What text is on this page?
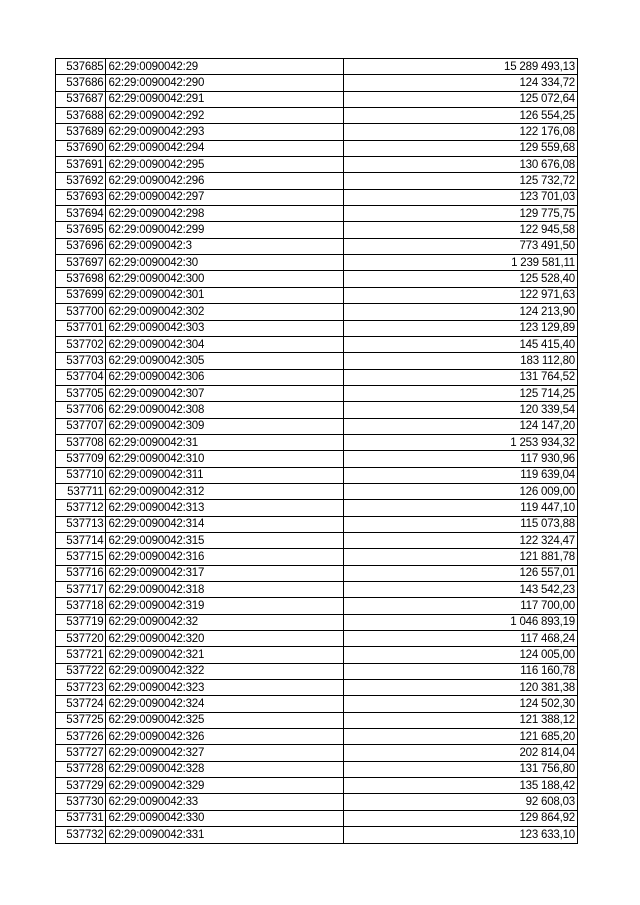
537685	62:29:0090042:29	15 289 493,13
537686	62:29:0090042:290	124 334,72
537687	62:29:0090042:291	125 072,64
537688	62:29:0090042:292	126 554,25
537689	62:29:0090042:293	122 176,08
537690	62:29:0090042:294	129 559,68
537691	62:29:0090042:295	130 676,08
537692	62:29:0090042:296	125 732,72
537693	62:29:0090042:297	123 701,03
537694	62:29:0090042:298	129 775,75
537695	62:29:0090042:299	122 945,58
537696	62:29:0090042:3	773 491,50
537697	62:29:0090042:30	1 239 581,11
537698	62:29:0090042:300	125 528,40
537699	62:29:0090042:301	122 971,63
537700	62:29:0090042:302	124 213,90
537701	62:29:0090042:303	123 129,89
537702	62:29:0090042:304	145 415,40
537703	62:29:0090042:305	183 112,80
537704	62:29:0090042:306	131 764,52
537705	62:29:0090042:307	125 714,25
537706	62:29:0090042:308	120 339,54
537707	62:29:0090042:309	124 147,20
537708	62:29:0090042:31	1 253 934,32
537709	62:29:0090042:310	117 930,96
537710	62:29:0090042:311	119 639,04
537711	62:29:0090042:312	126 009,00
537712	62:29:0090042:313	119 447,10
537713	62:29:0090042:314	115 073,88
537714	62:29:0090042:315	122 324,47
537715	62:29:0090042:316	121 881,78
537716	62:29:0090042:317	126 557,01
537717	62:29:0090042:318	143 542,23
537718	62:29:0090042:319	117 700,00
537719	62:29:0090042:32	1 046 893,19
537720	62:29:0090042:320	117 468,24
537721	62:29:0090042:321	124 005,00
537722	62:29:0090042:322	116 160,78
537723	62:29:0090042:323	120 381,38
537724	62:29:0090042:324	124 502,30
537725	62:29:0090042:325	121 388,12
537726	62:29:0090042:326	121 685,20
537727	62:29:0090042:327	202 814,04
537728	62:29:0090042:328	131 756,80
537729	62:29:0090042:329	135 188,42
537730	62:29:0090042:33	92 608,03
537731	62:29:0090042:330	129 864,92
537732	62:29:0090042:331	123 633,10
